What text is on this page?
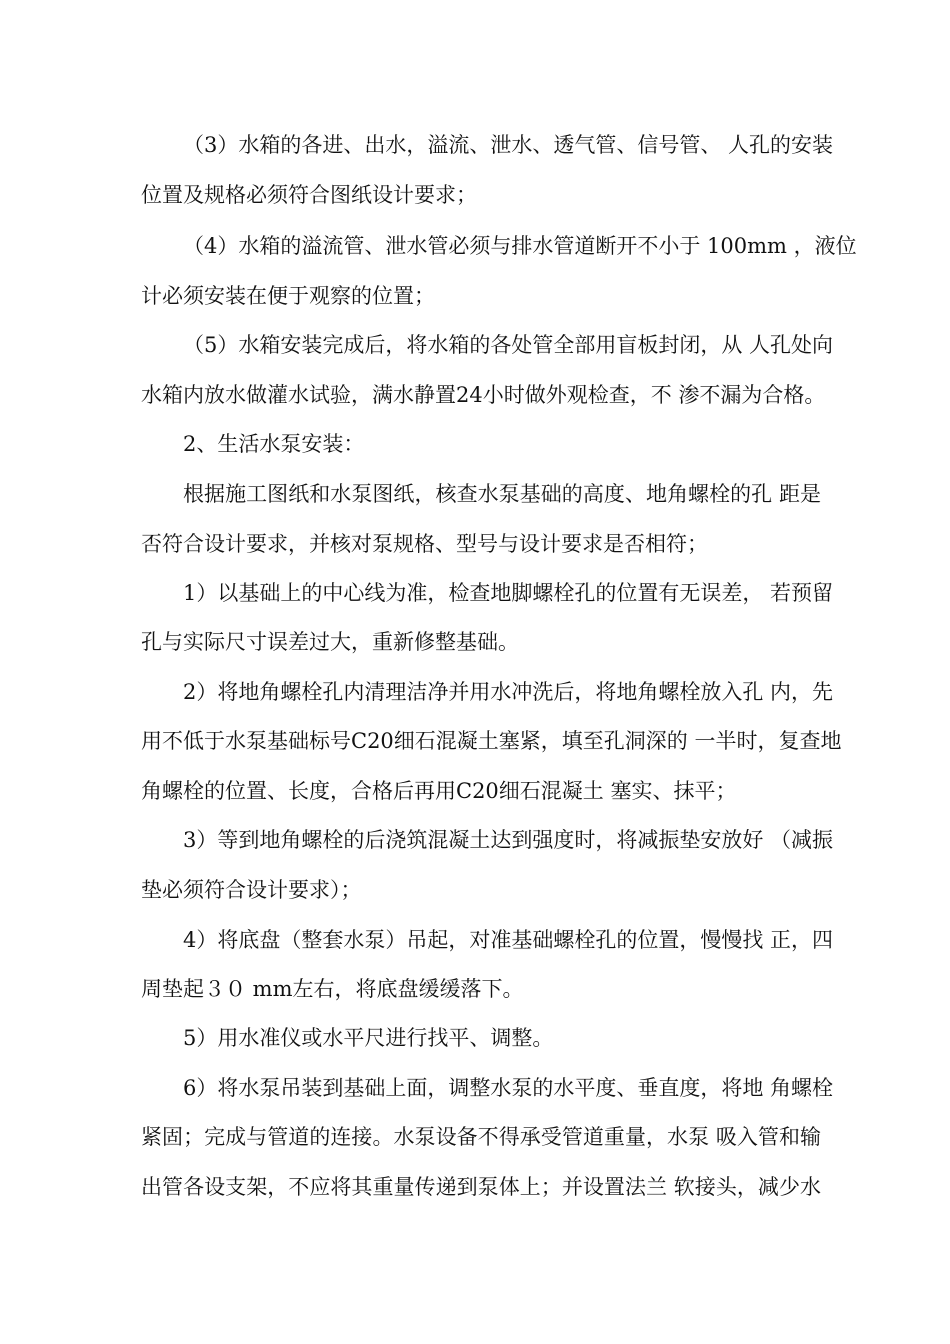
（3）水箱的各进、出水，溢流、泄水、透气管、信号管、 人孔的安装
位置及规格必须符合图纸设计要求；
（4）水箱的溢流管、泄水管必须与排水管道断开不小于 100mm ，液位
计必须安装在便于观察的位置；
（5）水箱安装完成后，将水箱的各处管全部用盲板封闭，从 人孔处向
水箱内放水做灌水试验，满水静置24小时做外观检查，不 渗不漏为合格。
2、生活水泵安装：
根据施工图纸和水泵图纸，核查水泵基础的高度、地角螺栓的孔 距是
否符合设计要求，并核对泵规格、型号与设计要求是否相符；
1）以基础上的中心线为准，检查地脚螺栓孔的位置有无误差， 若预留
孔与实际尺寸误差过大，重新修整基础。
2）将地角螺栓孔内清理洁净并用水冲洗后，将地角螺栓放入孔 内，先
用不低于水泵基础标号C20细石混凝土塞紧，填至孔洞深的 一半时，复查地
角螺栓的位置、长度，合格后再用C20细石混凝土 塞实、抹平；
3）等到地角螺栓的后浇筑混凝土达到强度时，将减振垫安放好 （减振
垫必须符合设计要求）；
4）将底盘（整套水泵）吊起，对准基础螺栓孔的位置，慢慢找 正，四
周垫起３０ mm左右，将底盘缓缓落下。
5）用水准仪或水平尺进行找平、调整。
6）将水泵吊装到基础上面，调整水泵的水平度、垂直度，将地 角螺栓
紧固；完成与管道的连接。水泵设备不得承受管道重量，水泵 吸入管和输
出管各设支架，不应将其重量传递到泵体上；并设置法兰 软接头，减少水
